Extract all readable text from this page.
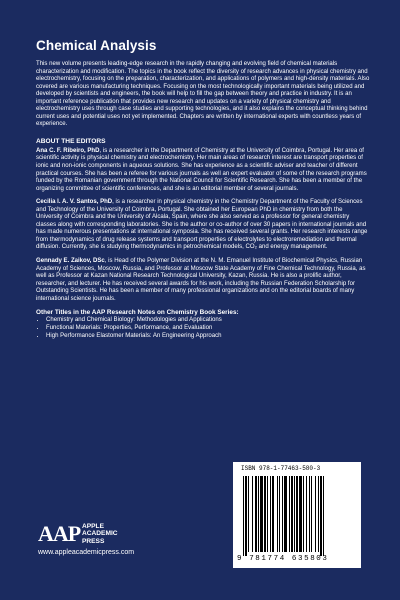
Chemical Analysis

This new volume presents leading-edge research in the rapidly changing and evolving field of chemical materials characterization and modification. The topics in the book reflect the diversity of research advances in physical chemistry and electrochemistry, focusing on the preparation, characterization, and applications of polymers and high-density materials. Also covered are various manufacturing techniques. Focusing on the most technologically important materials being utilized and developed by scientists and engineers, the book will help to fill the gap between theory and practice in industry. It is an important reference publication that provides new research and updates on a variety of physical chemistry and electrochemistry uses through case studies and supporting technologies, and it also explains the conceptual thinking behind current uses and potential uses not yet implemented. Chapters are written by international experts with countless years of experience.

ABOUT THE EDITORS

Ana C. F. Ribeiro, PhD, is a researcher in the Department of Chemistry at the University of Coimbra, Portugal. Her area of scientific activity is physical chemistry and electrochemistry. Her main areas of research interest are transport properties of ionic and non-ionic components in aqueous solutions. She has experience as a scientific adviser and teacher of different practical courses. She has been a referee for various journals as well an expert evaluator of some of the research programs funded by the Romanian government through the National Council for Scientific Research. She has been a member of the organizing committee of scientific conferences, and she is an editorial member of several journals.

Cecilia I. A. V. Santos, PhD, is a researcher in physical chemistry in the Chemistry Department of the Faculty of Sciences and Technology of the University of Coimbra, Portugal. She obtained her European PhD in chemistry from both the University of Coimbra and the University of Alcala, Spain, where she also served as a professor for general chemistry classes along with corresponding laboratories. She is the author or co-author of over 30 papers in international journals and has made numerous presentations at international symposia. She has received several grants. Her research interests range from thermodynamics of drug release systems and transport properties of electrolytes to electroremediation and thermal diffusion. Currently, she is studying thermodynamics in petrochemical models, CO₂ and energy management.

Gennady E. Zaikov, DSc, is Head of the Polymer Division at the N. M. Emanuel Institute of Biochemical Physics, Russian Academy of Sciences, Moscow, Russia, and Professor at Moscow State Academy of Fine Chemical Technology, Russia, as well as Professor at Kazan National Research Technological University, Kazan, Russia. He is also a prolific author, researcher, and lecturer. He has received several awards for his work, including the Russian Federation Scholarship for Outstanding Scientists. He has been a member of many professional organizations and on the editorial boards of many international science journals.

Other Titles in the AAP Research Notes on Chemistry Book Series:
• Chemistry and Chemical Biology: Methodologies and Applications
• Functional Materials: Properties, Performance, and Evaluation
• High Performance Elastomer Materials: An Engineering Approach
AAP APPLE
ACADEMIC
PRESS
www.appleacademicpress.com
ISBN 978-1-77463-580-3
9 781774 635803
